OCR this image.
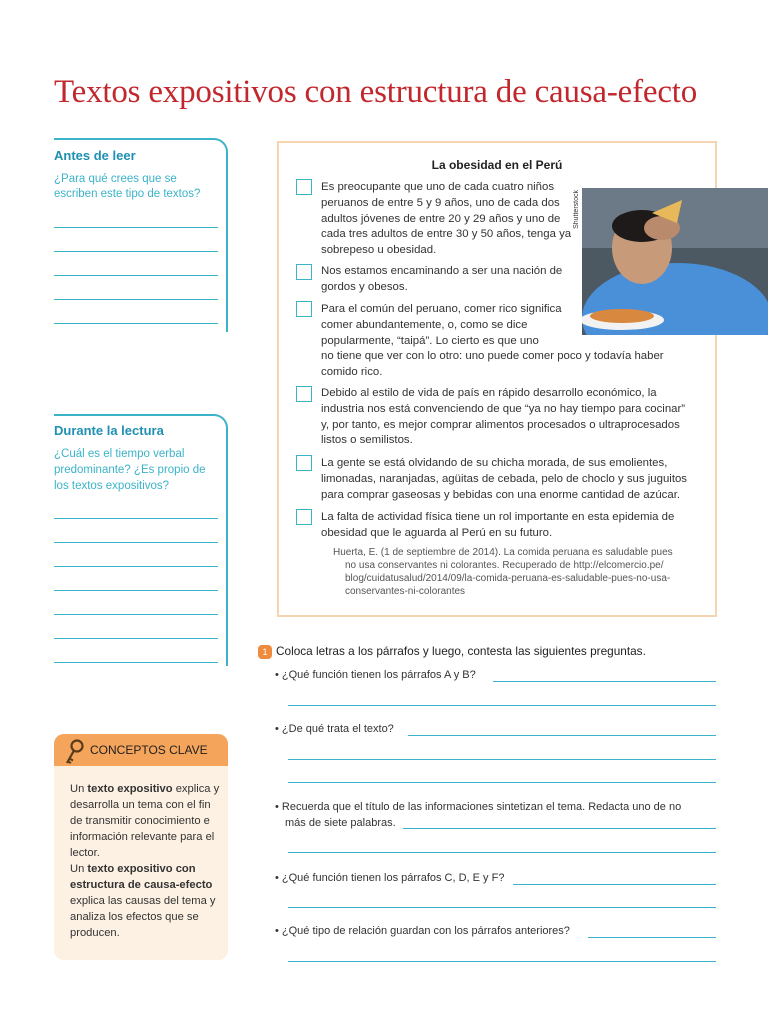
Textos expositivos con estructura de causa-efecto
Antes de leer
¿Para qué crees que se
escriben este tipo de textos?
Durante la lectura
¿Cuál es el tiempo verbal
predominante? ¿Es propio de
los textos expositivos?
La obesidad en el Perú
Shutterstock
Es preocupante que uno de cada cuatro niños
peruanos de entre 5 y 9 años, uno de cada dos
adultos jóvenes de entre 20 y 29 años y uno de
cada tres adultos de entre 30 y 50 años, tenga ya
sobrepeso u obesidad.
Nos estamos encaminando a ser una nación de
gordos y obesos.
Para el común del peruano, comer rico significa
comer abundantemente, o, como se dice
popularmente, “taipá”. Lo cierto es que uno
no tiene que ver con lo otro: uno puede comer poco y todavía haber
comido rico.
Debido al estilo de vida de país en rápido desarrollo económico, la
industria nos está convenciendo de que “ya no hay tiempo para cocinar”
y, por tanto, es mejor comprar alimentos procesados o ultraprocesados
listos o semilistos.
La gente se está olvidando de su chicha morada, de sus emolientes,
limonadas, naranjadas, agüitas de cebada, pelo de choclo y sus juguitos
para comprar gaseosas y bebidas con una enorme cantidad de azúcar.
La falta de actividad física tiene un rol importante en esta epidemia de
obesidad que le aguarda al Perú en su futuro.
Huerta, E. (1 de septiembre de 2014). La comida peruana es saludable pues
no usa conservantes ni colorantes. Recuperado de http://elcomercio.pe/
blog/cuidatusalud/2014/09/la-comida-peruana-es-saludable-pues-no-usa-
conservantes-ni-colorantes
1 Coloca letras a los párrafos y luego, contesta las siguientes preguntas.
• ¿Qué función tienen los párrafos A y B?
• ¿De qué trata el texto?
• Recuerda que el título de las informaciones sintetizan el tema. Redacta uno de no
más de siete palabras.
• ¿Qué función tienen los párrafos C, D, E y F?
• ¿Qué tipo de relación guardan con los párrafos anteriores?
CONCEPTOS CLAVE
Un texto expositivo explica y desarrolla un tema con el fin de transmitir conocimiento e información relevante para el lector.
Un texto expositivo con estructura de causa-efecto explica las causas del tema y analiza los efectos que se producen.
